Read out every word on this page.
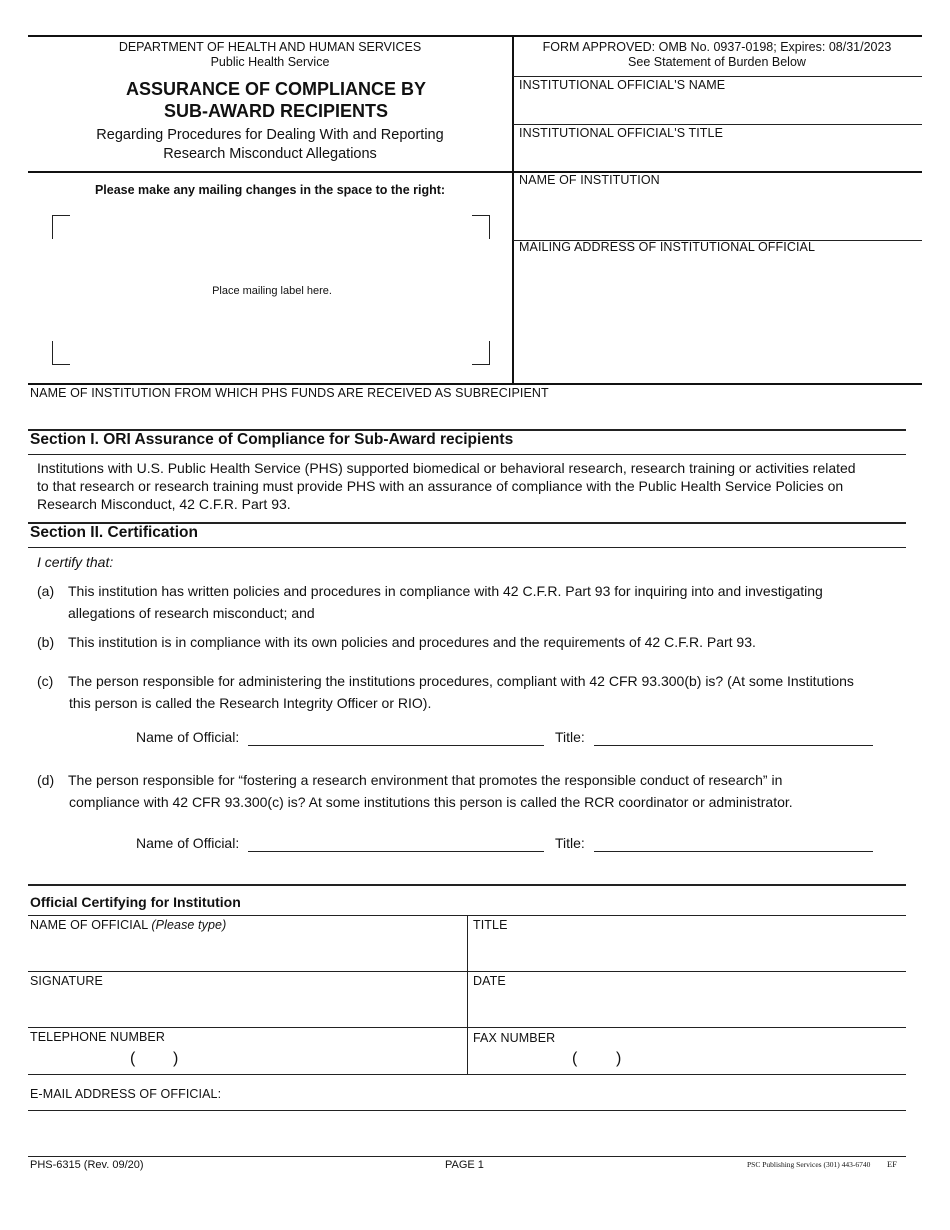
DEPARTMENT OF HEALTH AND HUMAN SERVICES
Public Health Service
ASSURANCE OF COMPLIANCE BY
SUB-AWARD RECIPIENTS
Regarding Procedures for Dealing With and Reporting
Research Misconduct Allegations
FORM APPROVED: OMB No. 0937-0198; Expires: 08/31/2023
See Statement of Burden Below
INSTITUTIONAL OFFICIAL'S NAME
INSTITUTIONAL OFFICIAL'S TITLE
NAME OF INSTITUTION
MAILING ADDRESS OF INSTITUTIONAL OFFICIAL
Please make any mailing changes in the space to the right:
Place mailing label here.
NAME OF INSTITUTION FROM WHICH PHS FUNDS ARE RECEIVED AS SUBRECIPIENT
Section I. ORI Assurance of Compliance for Sub-Award recipients
Institutions with U.S. Public Health Service (PHS) supported biomedical or behavioral research, research training or activities related
to that research or research training must provide PHS with an assurance of compliance with the Public Health Service Policies on
Research Misconduct, 42 C.F.R. Part 93.
Section II. Certification
I certify that:
(a) This institution has written policies and procedures in compliance with 42 C.F.R. Part 93 for inquiring into and investigating
allegations of research misconduct; and
(b) This institution is in compliance with its own policies and procedures and the requirements of 42 C.F.R. Part 93.
(c) The person responsible for administering the institutions procedures, compliant with 42 CFR 93.300(b) is? (At some Institutions
this person is called the Research Integrity Officer or RIO).
Name of Official:	Title:
(d) The person responsible for “fostering a research environment that promotes the responsible conduct of research” in
compliance with 42 CFR 93.300(c) is? At some institutions this person is called the RCR coordinator or administrator.
Name of Official:	Title:
Official Certifying for Institution
NAME OF OFFICIAL (Please type)	TITLE
SIGNATURE	DATE
TELEPHONE NUMBER
( )
FAX NUMBER
( )
E-MAIL ADDRESS OF OFFICIAL:
PHS-6315 (Rev. 09/20)	PAGE 1	PSC Publishing Services (301) 443-6740 EF
